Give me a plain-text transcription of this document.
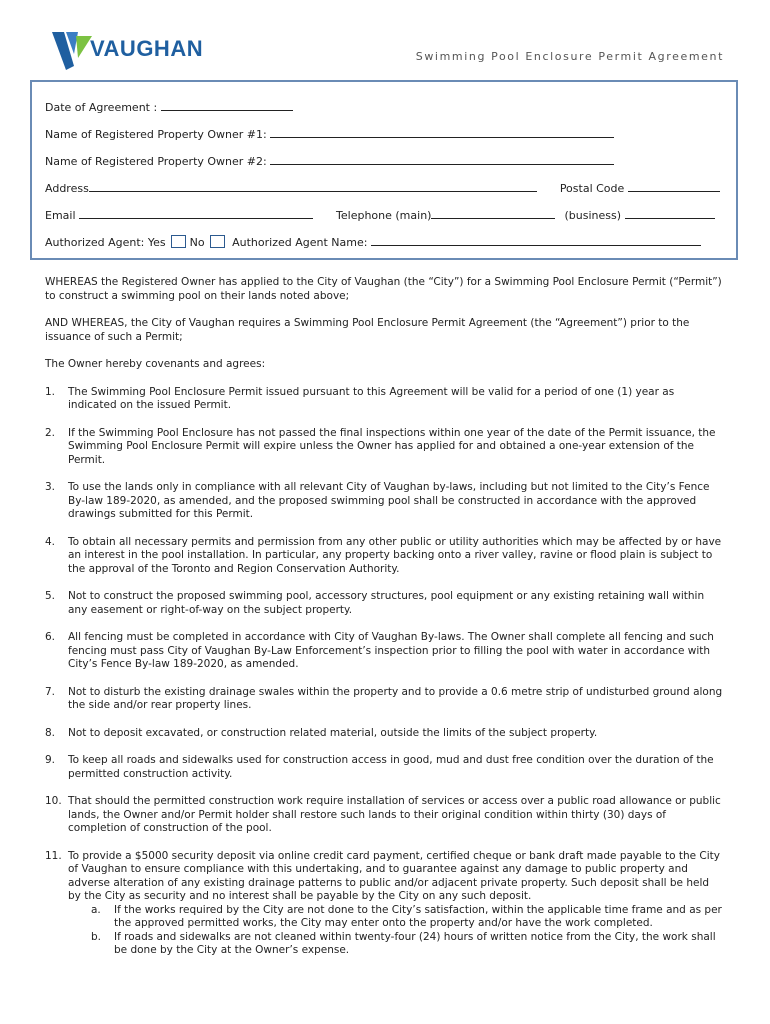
VAUGHAN	Swimming Pool Enclosure Permit Agreement
Date of Agreement :
Name of Registered Property Owner #1:
Name of Registered Property Owner #2:
Address	Postal Code
Email	Telephone (main)	(business)
Authorized Agent: Yes No	Authorized Agent Name:

WHEREAS the Registered Owner has applied to the City of Vaughan (the “City”) for a Swimming Pool Enclosure Permit (“Permit”) to construct a swimming pool on their lands noted above;

AND WHEREAS, the City of Vaughan requires a Swimming Pool Enclosure Permit Agreement (the “Agreement”) prior to the issuance of such a Permit;

The Owner hereby covenants and agrees:

1. The Swimming Pool Enclosure Permit issued pursuant to this Agreement will be valid for a period of one (1) year as indicated on the issued Permit.
2. If the Swimming Pool Enclosure has not passed the final inspections within one year of the date of the Permit issuance, the Swimming Pool Enclosure Permit will expire unless the Owner has applied for and obtained a one-year extension of the Permit.
3. To use the lands only in compliance with all relevant City of Vaughan by-laws, including but not limited to the City’s Fence By-law 189-2020, as amended, and the proposed swimming pool shall be constructed in accordance with the approved drawings submitted for this Permit.
4. To obtain all necessary permits and permission from any other public or utility authorities which may be affected by or have an interest in the pool installation. In particular, any property backing onto a river valley, ravine or flood plain is subject to the approval of the Toronto and Region Conservation Authority.
5. Not to construct the proposed swimming pool, accessory structures, pool equipment or any existing retaining wall within any easement or right-of-way on the subject property.
6. All fencing must be completed in accordance with City of Vaughan By-laws. The Owner shall complete all fencing and such fencing must pass City of Vaughan By-Law Enforcement’s inspection prior to filling the pool with water in accordance with City’s Fence By-law 189-2020, as amended.
7. Not to disturb the existing drainage swales within the property and to provide a 0.6 metre strip of undisturbed ground along the side and/or rear property lines.
8. Not to deposit excavated, or construction related material, outside the limits of the subject property.
9. To keep all roads and sidewalks used for construction access in good, mud and dust free condition over the duration of the permitted construction activity.
10. That should the permitted construction work require installation of services or access over a public road allowance or public lands, the Owner and/or Permit holder shall restore such lands to their original condition within thirty (30) days of completion of construction of the pool.
11. To provide a $5000 security deposit via online credit card payment, certified cheque or bank draft made payable to the City of Vaughan to ensure compliance with this undertaking, and to guarantee against any damage to public property and adverse alteration of any existing drainage patterns to public and/or adjacent private property. Such deposit shall be held by the City as security and no interest shall be payable by the City on any such deposit.
a. If the works required by the City are not done to the City’s satisfaction, within the applicable time frame and as per the approved permitted works, the City may enter onto the property and/or have the work completed.
b. If roads and sidewalks are not cleaned within twenty-four (24) hours of written notice from the City, the work shall be done by the City at the Owner’s expense.
